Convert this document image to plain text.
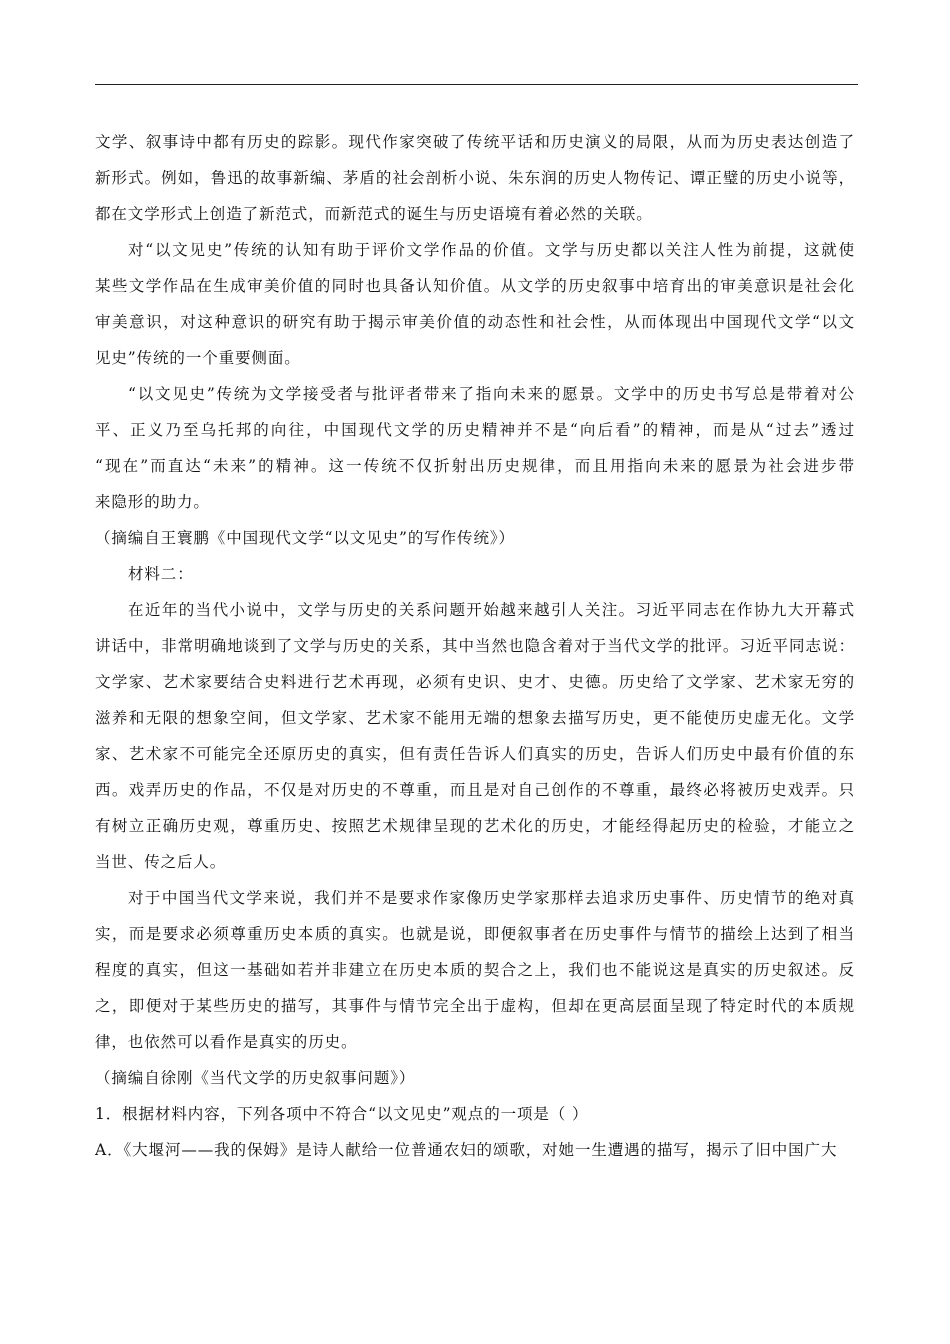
文学、叙事诗中都有历史的踪影。现代作家突破了传统平话和历史演义的局限，从而为历史表达创造了
新形式。例如，鲁迅的故事新编、茅盾的社会剖析小说、朱东润的历史人物传记、谭正璧的历史小说等，
都在文学形式上创造了新范式，而新范式的诞生与历史语境有着必然的关联。

对“以文见史”传统的认知有助于评价文学作品的价值。文学与历史都以关注人性为前提，这就使
某些文学作品在生成审美价值的同时也具备认知价值。从文学的历史叙事中培育出的审美意识是社会化
审美意识，对这种意识的研究有助于揭示审美价值的动态性和社会性，从而体现出中国现代文学“以文
见史”传统的一个重要侧面。

“以文见史”传统为文学接受者与批评者带来了指向未来的愿景。文学中的历史书写总是带着对公
平、正义乃至乌托邦的向往，中国现代文学的历史精神并不是“向后看”的精神，而是从“过去”透过
“现在”而直达“未来”的精神。这一传统不仅折射出历史规律，而且用指向未来的愿景为社会进步带
来隐形的助力。

（摘编自王寰鹏《中国现代文学“以文见史”的写作传统》）

材料二：

在近年的当代小说中，文学与历史的关系问题开始越来越引人关注。习近平同志在作协九大开幕式
讲话中，非常明确地谈到了文学与历史的关系，其中当然也隐含着对于当代文学的批评。习近平同志说：
文学家、艺术家要结合史料进行艺术再现，必须有史识、史才、史德。历史给了文学家、艺术家无穷的
滋养和无限的想象空间，但文学家、艺术家不能用无端的想象去描写历史，更不能使历史虚无化。文学
家、艺术家不可能完全还原历史的真实，但有责任告诉人们真实的历史，告诉人们历史中最有价值的东
西。戏弄历史的作品，不仅是对历史的不尊重，而且是对自己创作的不尊重，最终必将被历史戏弄。只
有树立正确历史观，尊重历史、按照艺术规律呈现的艺术化的历史，才能经得起历史的检验，才能立之
当世、传之后人。

对于中国当代文学来说，我们并不是要求作家像历史学家那样去追求历史事件、历史情节的绝对真
实，而是要求必须尊重历史本质的真实。也就是说，即便叙事者在历史事件与情节的描绘上达到了相当
程度的真实，但这一基础如若并非建立在历史本质的契合之上，我们也不能说这是真实的历史叙述。反
之，即便对于某些历史的描写，其事件与情节完全出于虚构，但却在更高层面呈现了特定时代的本质规
律，也依然可以看作是真实的历史。

（摘编自徐刚《当代文学的历史叙事问题》）

1．根据材料内容，下列各项中不符合“以文见史”观点的一项是（ ）

A．《大堰河——我的保姆》是诗人献给一位普通农妇的颂歌，对她一生遭遇的描写，揭示了旧中国广大
